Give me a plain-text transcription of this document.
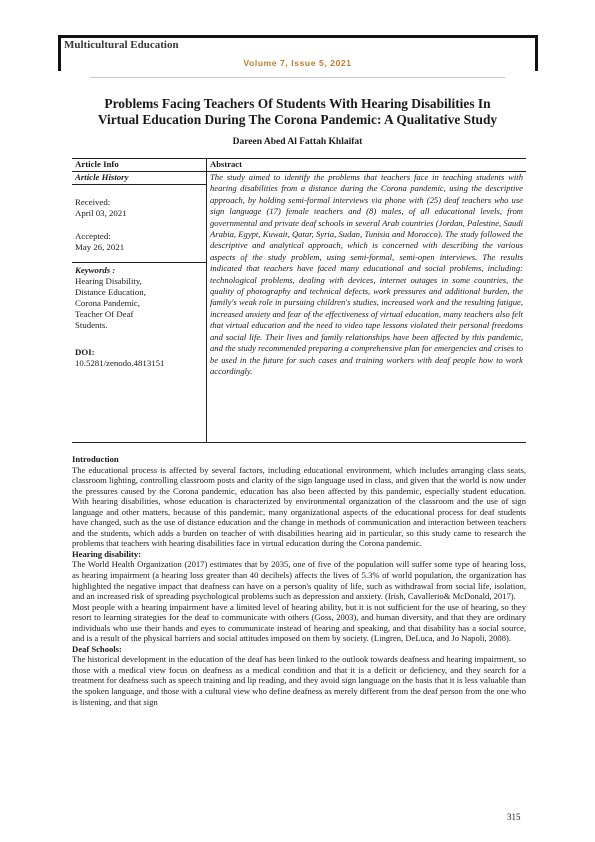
Multicultural Education
Volume 7, Issue 5, 2021
Problems Facing Teachers Of Students With Hearing Disabilities In
Virtual Education During The Corona Pandemic: A Qualitative Study
Dareen Abed Al Fattah Khlaifat
Article Info	Abstract
Article History
Received:
April 03, 2021
Accepted:
May 26, 2021
Keywords :
Hearing Disability,
Distance Education,
Corona Pandemic,
Teacher Of Deaf
Students.
DOI:
10.5281/zenodo.4813151
The study aimed to identify the problems that teachers face in teaching students with hearing disabilities from a distance during the Corona pandemic, using the descriptive approach, by holding semi-formal interviews via phone with (25) deaf teachers who use sign language (17) female teachers and (8) males, of all educational levels, from governmental and private deaf schools in several Arab countries (Jordan, Palestine, Saudi Arabia, Egypt, Kuwait, Qatar, Syria, Sudan, Tunisia and Morocco). The study followed the descriptive and analytical approach, which is concerned with describing the various aspects of the study problem, using semi-formal, semi-open interviews. The results indicated that teachers have faced many educational and social problems, including: technological problems, dealing with devices, internet outages in some countries, the quality of photography and technical defects, work pressures and additional burden, the family's weak role in pursuing children's studies, increased work and the resulting fatigue, increased anxiety and fear of the effectiveness of virtual education, many teachers also felt that virtual education and the need to video tape lessons violated their personal freedoms and social life. Their lives and family relationships have been affected by this pandemic, and the study recommended preparing a comprehensive plan for emergencies and crises to be used in the future for such cases and training workers with deaf people how to work accordingly.
Introduction

The educational process is affected by several factors, including educational environment, which includes arranging class seats, classroom lighting, controlling classroom posts and clarity of the sign language used in class, and given that the world is now under the pressures caused by the Corona pandemic, education has also been affected by this pandemic, especially student education. With hearing disabilities, whose education is characterized by environmental organization of the classroom and the use of sign language and other matters, because of this pandemic, many organizational aspects of the educational process for deaf students have changed, such as the use of distance education and the change in methods of communication and interaction between teachers and the students, which adds a burden on teacher of with disabilities hearing aid in particular, so this study came to research the problems that teachers with hearing disabilities face in virtual education during the Corona pandemic.

Hearing disability:

The World Health Organization (2017) estimates that by 2035, one of five of the population will suffer some type of hearing loss, as hearing impairment (a hearing loss greater than 40 decibels) affects the lives of 5.3% of world population, the organization has highlighted the negative impact that deafness can have on a person's quality of life, such as withdrawal from social life, isolation, and an increased risk of spreading psychological problems such as depression and anxiety. (Irish, Cavallerio& McDonald, 2017).

Most people with a hearing impairment have a limited level of hearing ability, but it is not sufficient for the use of hearing, so they resort to learning strategies for the deaf to communicate with others (Goss, 2003), and human diversity, and that they are ordinary individuals who use their hands and eyes to communicate instead of hearing and speaking, and that disability has a social source, and is a result of the physical barriers and social attitudes imposed on them by society. (Lingren, DeLuca, and Jo Napoli, 2008).

Deaf Schools:

The historical development in the education of the deaf has been linked to the outlook towards deafness and hearing impairment, so those with a medical view focus on deafness as a medical condition and that it is a deficit or deficiency, and they search for a treatment for deafness such as speech training and lip reading, and they avoid sign language on the basis that it is less valuable than the spoken language, and those with a cultural view who define deafness as merely different from the deaf person from the one who is listening, and that sign

315
